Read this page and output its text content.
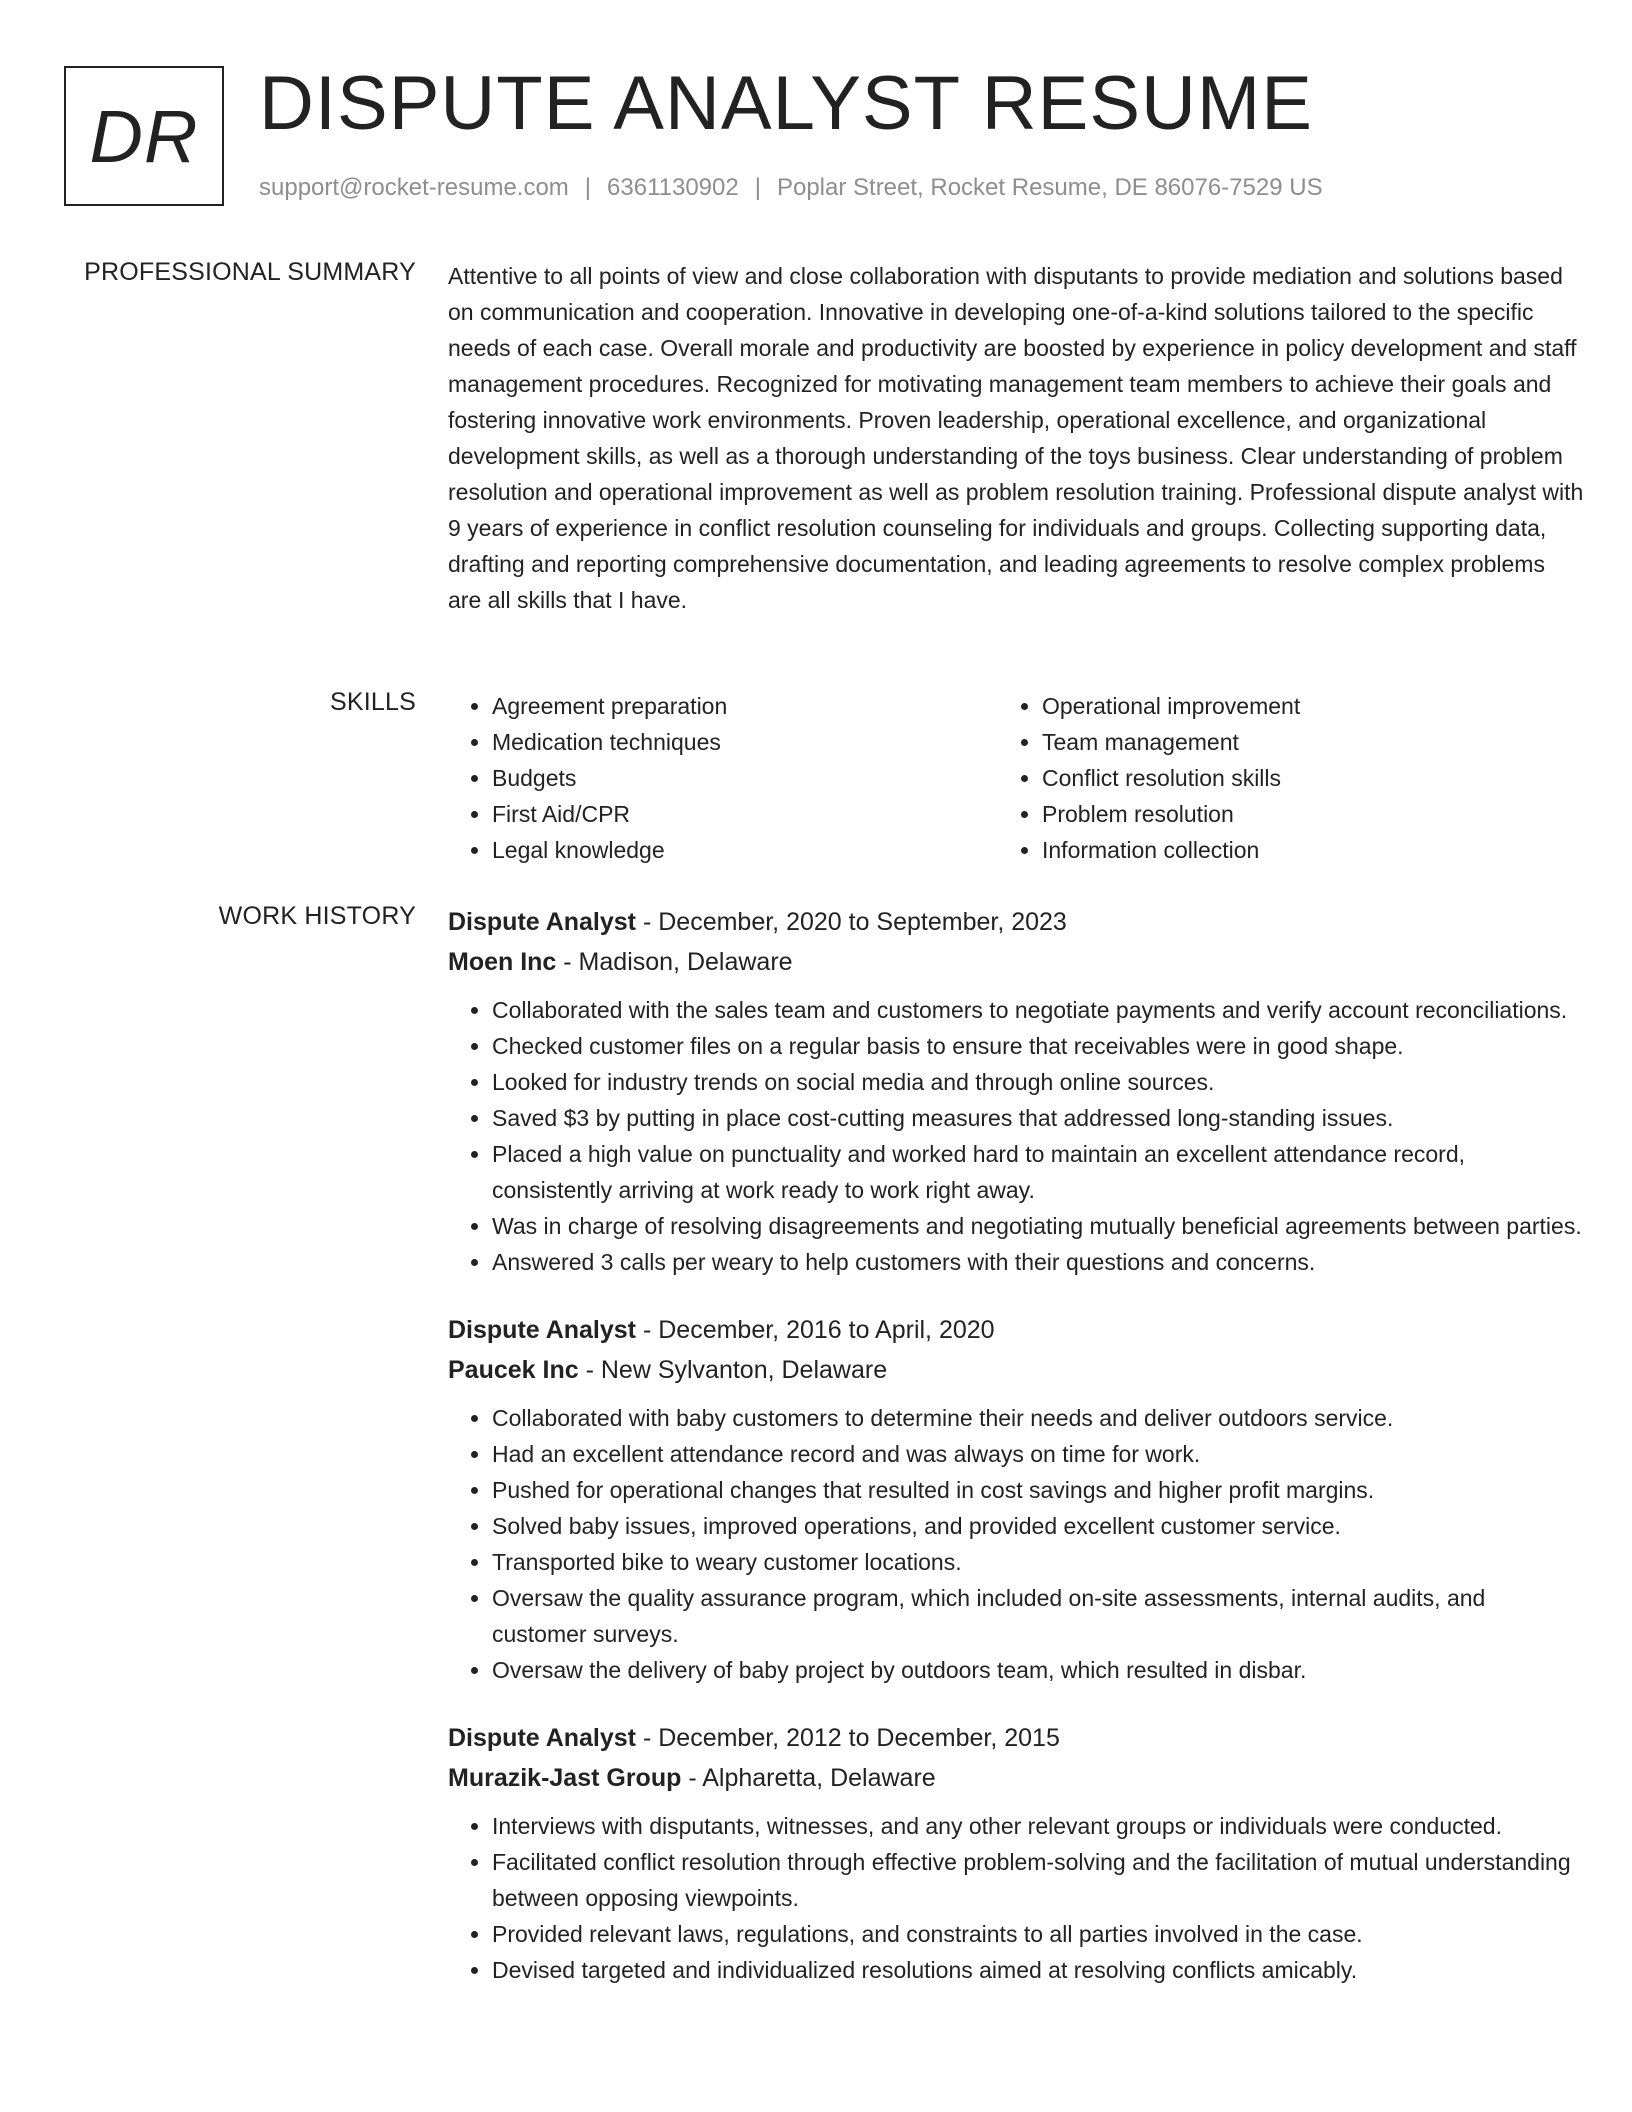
DR DISPUTE ANALYST RESUME
support@rocket-resume.com | 6361130902 | Poplar Street, Rocket Resume, DE 86076-7529 US
PROFESSIONAL SUMMARY Attentive to all points of view and close collaboration with disputants to provide mediation and solutions based on communication and cooperation. Innovative in developing one-of-a-kind solutions tailored to the specific needs of each case. Overall morale and productivity are boosted by experience in policy development and staff management procedures. Recognized for motivating management team members to achieve their goals and fostering innovative work environments. Proven leadership, operational excellence, and organizational development skills, as well as a thorough understanding of the toys business. Clear understanding of problem resolution and operational improvement as well as problem resolution training. Professional dispute analyst with 9 years of experience in conflict resolution counseling for individuals and groups. Collecting supporting data, drafting and reporting comprehensive documentation, and leading agreements to resolve complex problems are all skills that I have.

SKILLS
•	Agreement preparation
• Medication techniques
• Budgets
• First Aid/CPR
• Legal knowledge
• Operational improvement
• Team management
• Conflict resolution skills
• Problem resolution
• Information collection
WORK HISTORY Dispute Analyst - December, 2020 to September, 2023
Moen Inc - Madison, Delaware
• Collaborated with the sales team and customers to negotiate payments and verify account reconciliations.
• Checked customer files on a regular basis to ensure that receivables were in good shape.
• Looked for industry trends on social media and through online sources.
• Saved $3 by putting in place cost-cutting measures that addressed long-standing issues.
• Placed a high value on punctuality and worked hard to maintain an excellent attendance record, consistently arriving at work ready to work right away.
• Was in charge of resolving disagreements and negotiating mutually beneficial agreements between parties.
• Answered 3 calls per weary to help customers with their questions and concerns.
Dispute Analyst - December, 2016 to April, 2020
Paucek Inc - New Sylvanton, Delaware
• Collaborated with baby customers to determine their needs and deliver outdoors service.
• Had an excellent attendance record and was always on time for work.
• Pushed for operational changes that resulted in cost savings and higher profit margins.
• Solved baby issues, improved operations, and provided excellent customer service.
• Transported bike to weary customer locations.
• Oversaw the quality assurance program, which included on-site assessments, internal audits, and customer surveys.
• Oversaw the delivery of baby project by outdoors team, which resulted in disbar.
Dispute Analyst - December, 2012 to December, 2015
Murazik-Jast Group - Alpharetta, Delaware
• Interviews with disputants, witnesses, and any other relevant groups or individuals were conducted.
• Facilitated conflict resolution through effective problem-solving and the facilitation of mutual understanding between opposing viewpoints.
• Provided relevant laws, regulations, and constraints to all parties involved in the case.
• Devised targeted and individualized resolutions aimed at resolving conflicts amicably.
